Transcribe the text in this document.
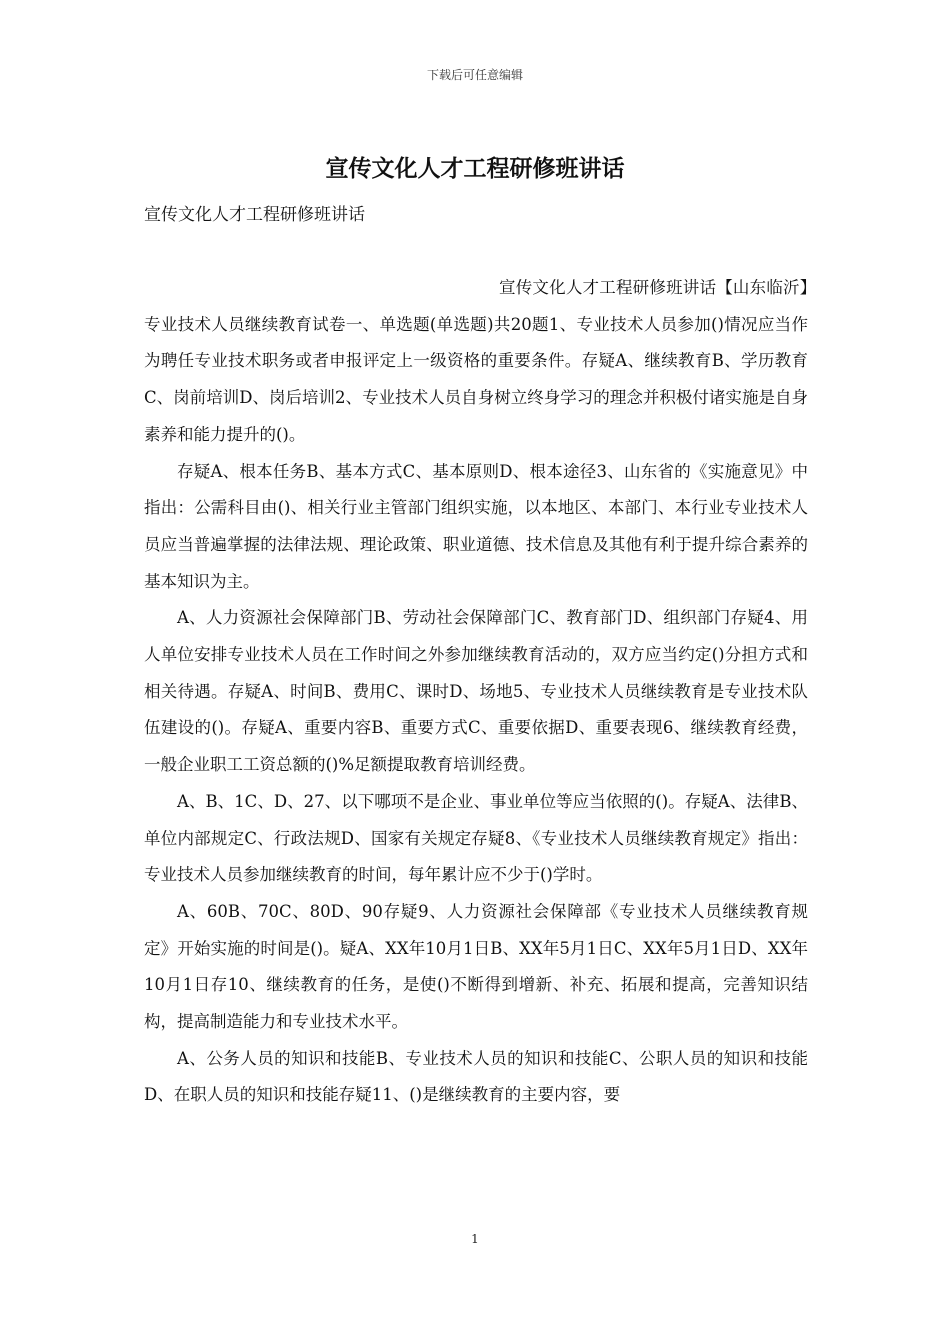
下载后可任意编辑
宣传文化人才工程研修班讲话

宣传文化人才工程研修班讲话

宣传文化人才工程研修班讲话【山东临沂】专业技术人员继续教育试卷一、单选题(单选题)共20题1、专业技术人员参加()情况应当作为聘任专业技术职务或者申报评定上一级资格的重要条件。存疑A、继续教育B、学历教育C、岗前培训D、岗后培训2、专业技术人员自身树立终身学习的理念并积极付诸实施是自身素养和能力提升的()。

存疑A、根本任务B、基本方式C、基本原则D、根本途径3、山东省的《实施意见》中指出：公需科目由()、相关行业主管部门组织实施，以本地区、本部门、本行业专业技术人员应当普遍掌握的法律法规、理论政策、职业道德、技术信息及其他有利于提升综合素养的基本知识为主。

A、人力资源社会保障部门B、劳动社会保障部门C、教育部门D、组织部门存疑4、用人单位安排专业技术人员在工作时间之外参加继续教育活动的，双方应当约定()分担方式和相关待遇。存疑A、时间B、费用C、课时D、场地5、专业技术人员继续教育是专业技术队伍建设的()。存疑A、重要内容B、重要方式C、重要依据D、重要表现6、继续教育经费，一般企业职工工资总额的()%足额提取教育培训经费。

A、B、1C、D、27、以下哪项不是企业、事业单位等应当依照的()。存疑A、法律B、单位内部规定C、行政法规D、国家有关规定存疑8、《专业技术人员继续教育规定》指出：专业技术人员参加继续教育的时间，每年累计应不少于()学时。

A、60B、70C、80D、90存疑9、人力资源社会保障部《专业技术人员继续教育规定》开始实施的时间是()。疑A、XX年10月1日B、XX年5月1日C、XX年5月1日D、XX年10月1日存10、继续教育的任务，是使()不断得到增新、补充、拓展和提高，完善知识结构，提高制造能力和专业技术水平。

A、公务人员的知识和技能B、专业技术人员的知识和技能C、公职人员的知识和技能D、在职人员的知识和技能存疑11、()是继续教育的主要内容，要

1
